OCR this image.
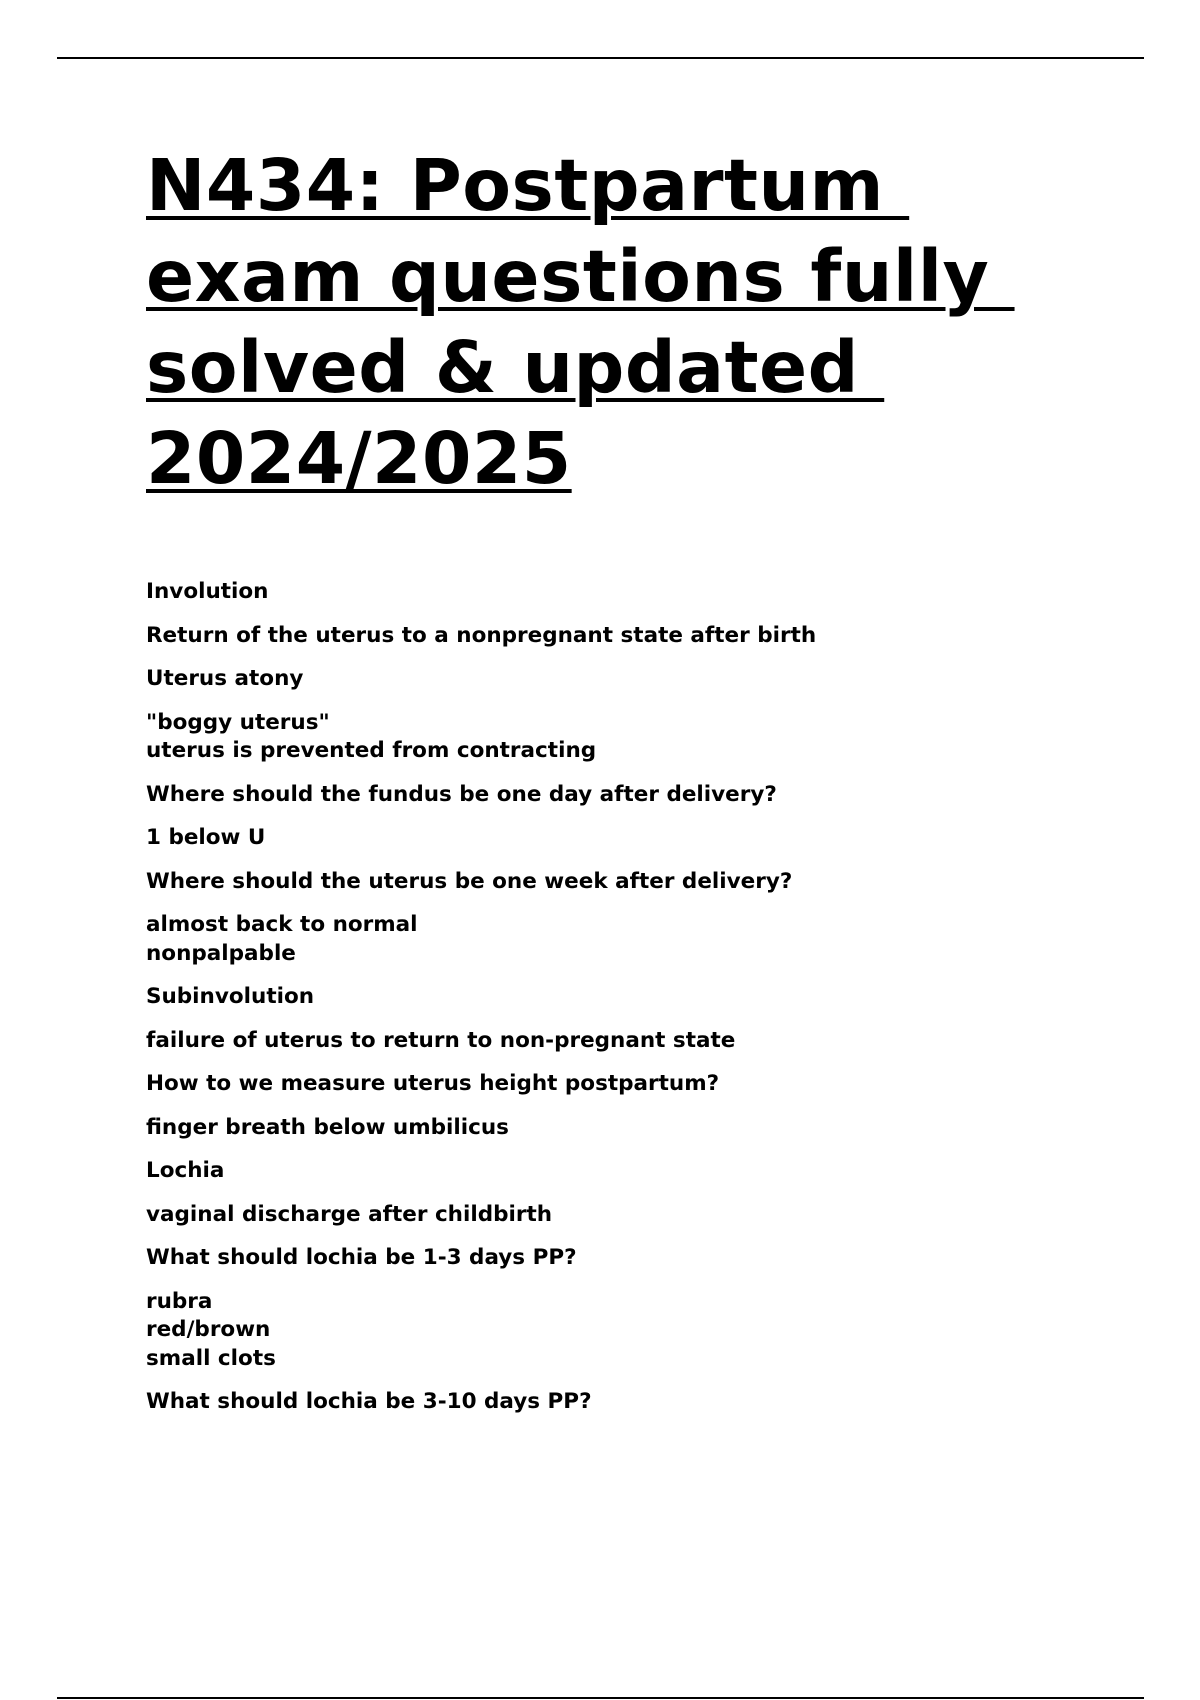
N434: Postpartum
exam questions fully
solved & updated
2024/2025

Involution

Return of the uterus to a nonpregnant state after birth

Uterus atony

"boggy uterus"
uterus is prevented from contracting

Where should the fundus be one day after delivery?

1 below U

Where should the uterus be one week after delivery?

almost back to normal
nonpalpable

Subinvolution

failure of uterus to return to non-pregnant state

How to we measure uterus height postpartum?

finger breath below umbilicus

Lochia

vaginal discharge after childbirth

What should lochia be 1-3 days PP?

rubra
red/brown
small clots

What should lochia be 3-10 days PP?
